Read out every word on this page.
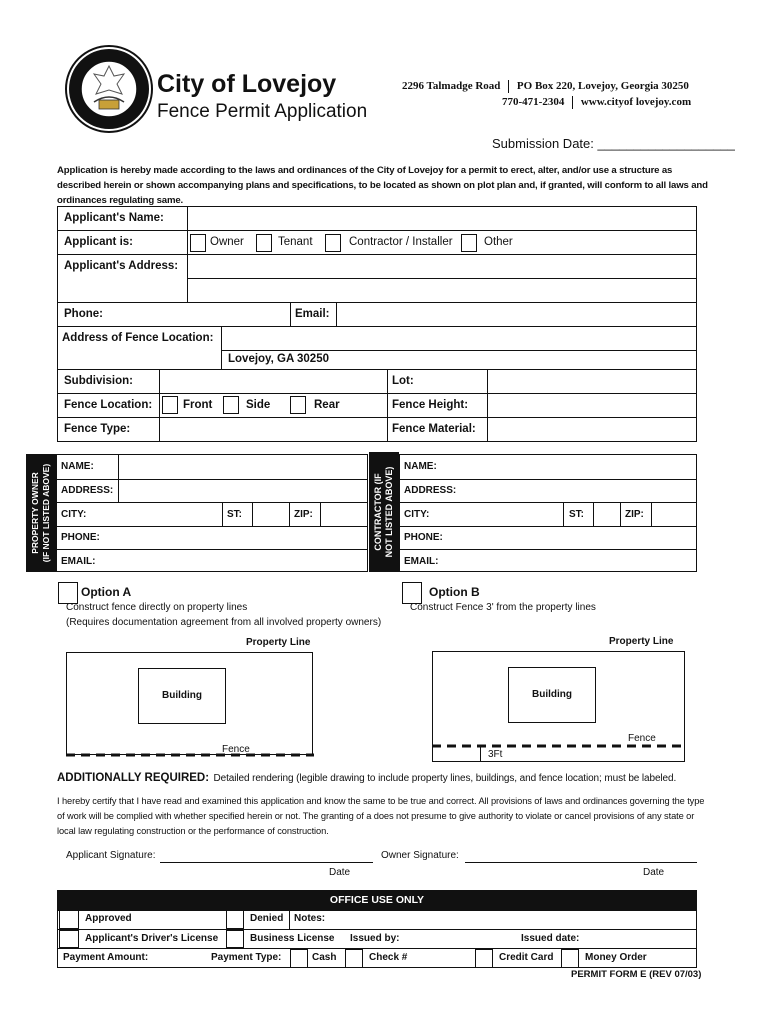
City of Lovejoy
Fence Permit Application
2296 Talmadge Road PO Box 220, Lovejoy, Georgia 30250
770-471-2304 www.cityof lovejoy.com
Submission Date: ___________________
Application is hereby made according to the laws and ordinances of the City of Lovejoy for a permit to erect, alter, and/or use a structure as described herein or shown accompanying plans and specifications, to be located as shown on plot plan and, if granted, will conform to all laws and ordinances regulating same.
Applicant's Name:
Applicant is:	Owner	Tenant	Contractor / Installer	Other
Applicant's Address:
Phone:	Email:
Address of Fence Location:
Lovejoy, GA 30250
Subdivision:	Lot:
Fence Location:	Front	Side	Rear	Fence Height:
Fence Type:	Fence Material:
PROPERTY OWNER (IF NOT LISTED ABOVE) NAME:
ADDRESS:
CITY:	ST:	ZIP:
PHONE:
EMAIL:
CONTRACTOR (IF NOT LISTED ABOVE)
NAME:
ADDRESS:
CITY:	ST:	ZIP:
PHONE:
EMAIL:
Option A
Construct fence directly on property lines
(Requires documentation agreement from all involved property owners)
Option B
Construct Fence 3' from the property lines
Property Line
Building
Fence
Property Line
Building
Fence
3Ft
ADDITIONALLY REQUIRED: Detailed rendering (legible drawing to include property lines, buildings, and fence location; must be labeled.
I hereby certify that I have read and examined this application and know the same to be true and correct. All provisions of laws and ordinances governing the type of work will be complied with whether specified herein or not. The granting of a does not presume to give authority to violate or cancel provisions of any state or local law regulating construction or the performance of construction.
Applicant Signature:	Owner Signature:
Date	Date
OFFICE USE ONLY
Approved	Denied Notes:
Applicant's Driver's License	Business License Issued by:	Issued date:
Payment Amount:	Payment Type:	Cash	Check #	Credit Card	Money Order
PERMIT FORM E (REV 07/03)
